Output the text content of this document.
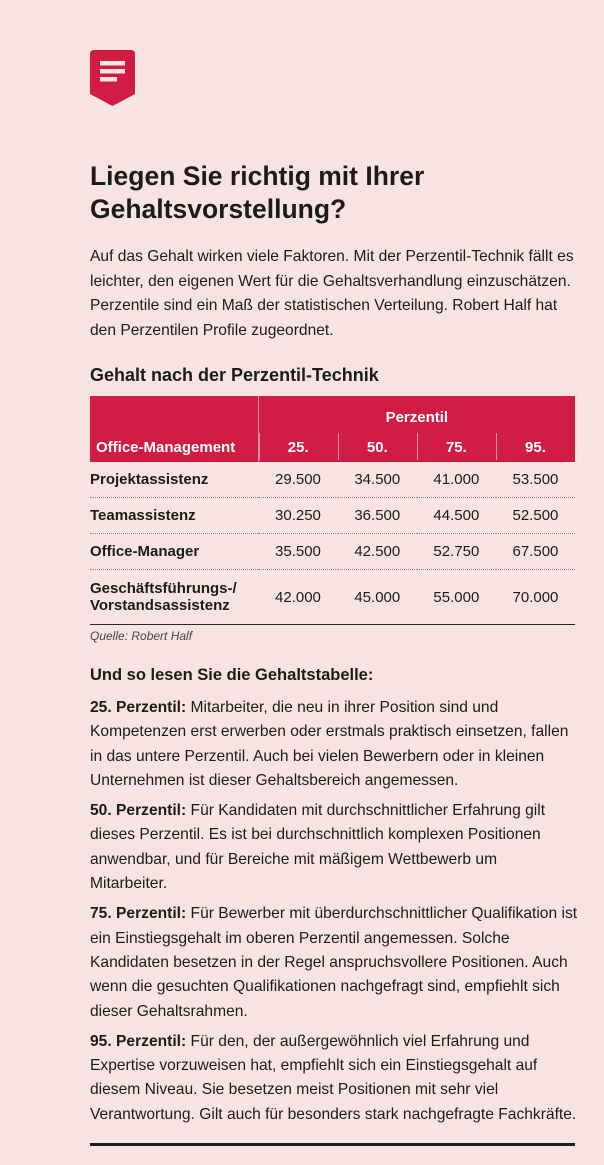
Liegen Sie richtig mit Ihrer Gehaltsvorstellung?

Auf das Gehalt wirken viele Faktoren. Mit der Perzentil-Technik fällt es leichter, den eigenen Wert für die Gehaltsverhandlung einzuschätzen. Perzentile sind ein Maß der statistischen Verteilung. Robert Half hat den Perzentilen Profile zugeordnet.

Gehalt nach der Perzentil-Technik
	Perzentil			
Office-Management	25.	50.	75.	95.
Projektassistenz	29.500	34.500	41.000	53.500
Teamassistenz	30.250	36.500	44.500	52.500
Office-Manager	35.500	42.500	52.750	67.500
Geschäftsführungs-/
Vorstandsassistenz	42.000	45.000	55.000	70.000

Quelle: Robert Half

Und so lesen Sie die Gehaltstabelle:

25. Perzentil: Mitarbeiter, die neu in ihrer Position sind und Kompetenzen erst erwerben oder erstmals praktisch einsetzen, fallen in das untere Perzentil. Auch bei vielen Bewerbern oder in kleinen Unternehmen ist dieser Gehaltsbereich angemessen.

50. Perzentil: Für Kandidaten mit durchschnittlicher Erfahrung gilt dieses Perzentil. Es ist bei durchschnittlich komplexen Positionen anwendbar, und für Bereiche mit mäßigem Wettbewerb um Mitarbeiter.

75. Perzentil: Für Bewerber mit überdurchschnittlicher Qualifikation ist ein Einstiegsgehalt im oberen Perzentil angemessen. Solche Kandidaten besetzen in der Regel anspruchsvollere Positionen. Auch wenn die gesuchten Qualifikationen nachgefragt sind, empfiehlt sich dieser Gehaltsrahmen.

95. Perzentil: Für den, der außergewöhnlich viel Erfahrung und Expertise vorzuweisen hat, empfiehlt sich ein Einstiegsgehalt auf diesem Niveau. Sie besetzen meist Positionen mit sehr viel Verantwortung. Gilt auch für besonders stark nachgefragte Fachkräfte.
